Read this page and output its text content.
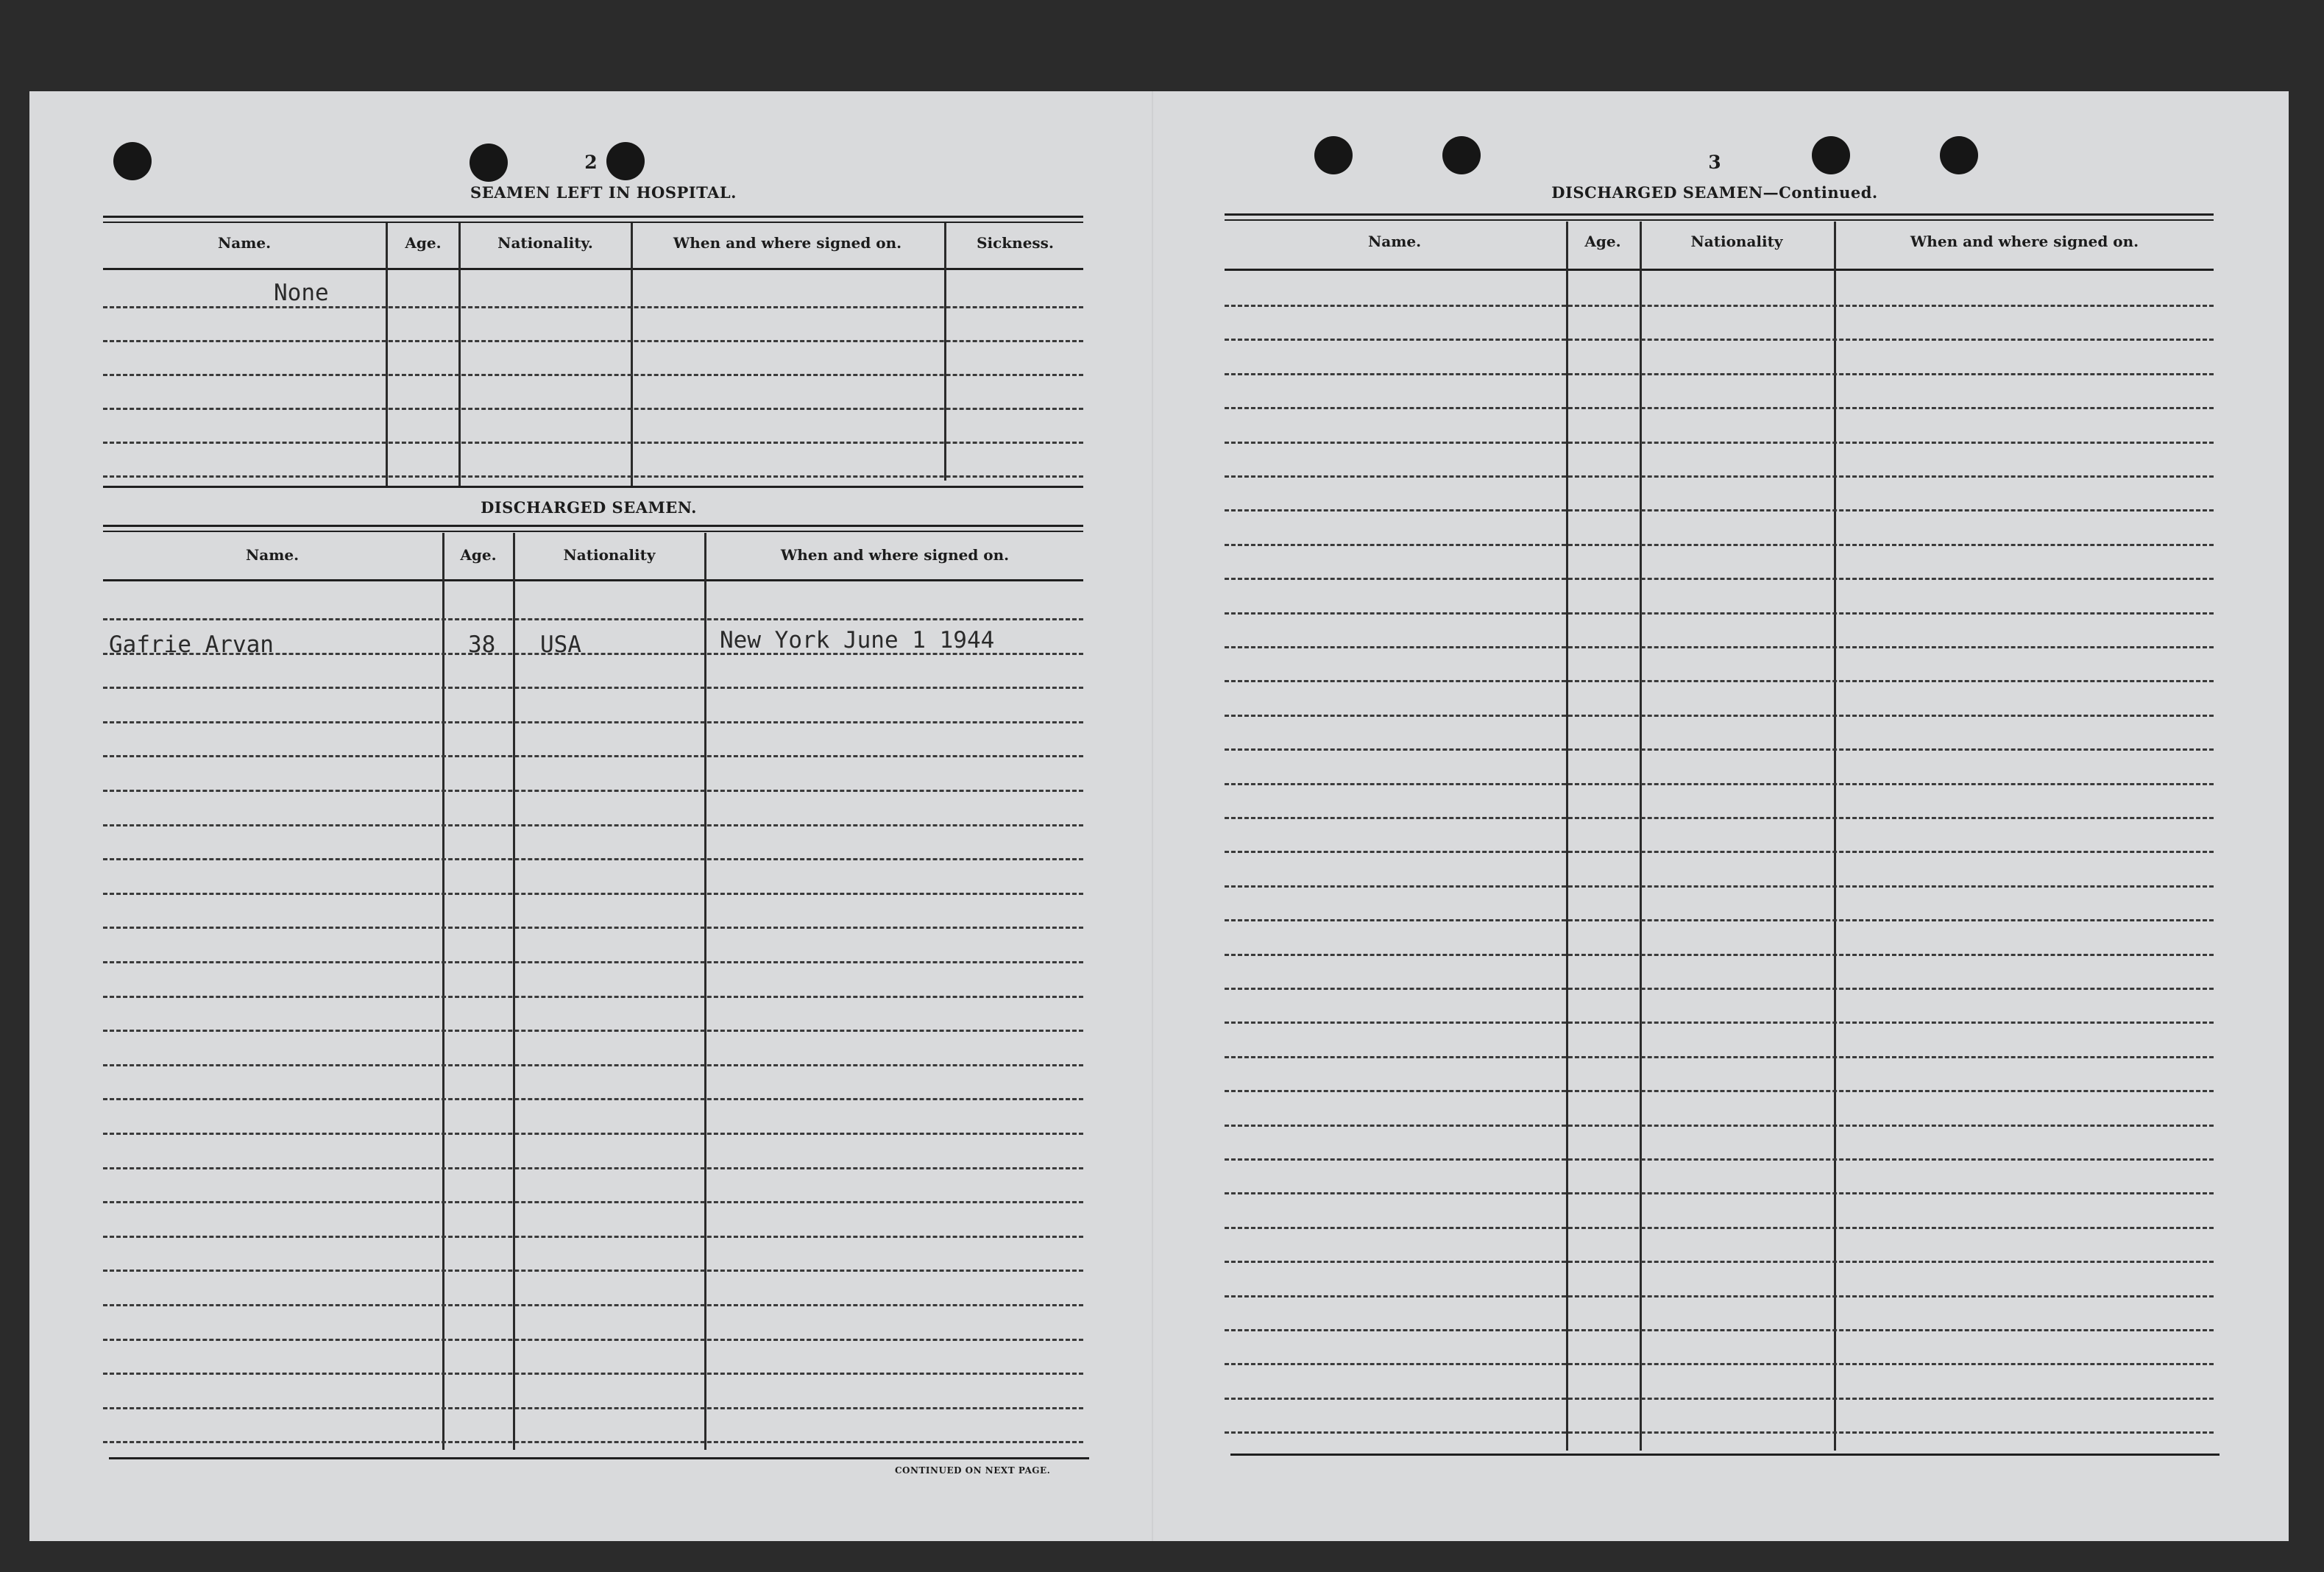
2
SEAMEN LEFT IN HOSPITAL.
Name.	Age.	Nationality.	When and where signed on.	Sickness.
None
DISCHARGED SEAMEN.
Name.	Age.	Nationality	When and where signed on.
Gafrie Arvan	38 USA	New York June 1 1944
CONTINUED ON NEXT PAGE.
3
DISCHARGED SEAMEN—Continued.
Name.	Age.	Nationality	When and where signed on.
